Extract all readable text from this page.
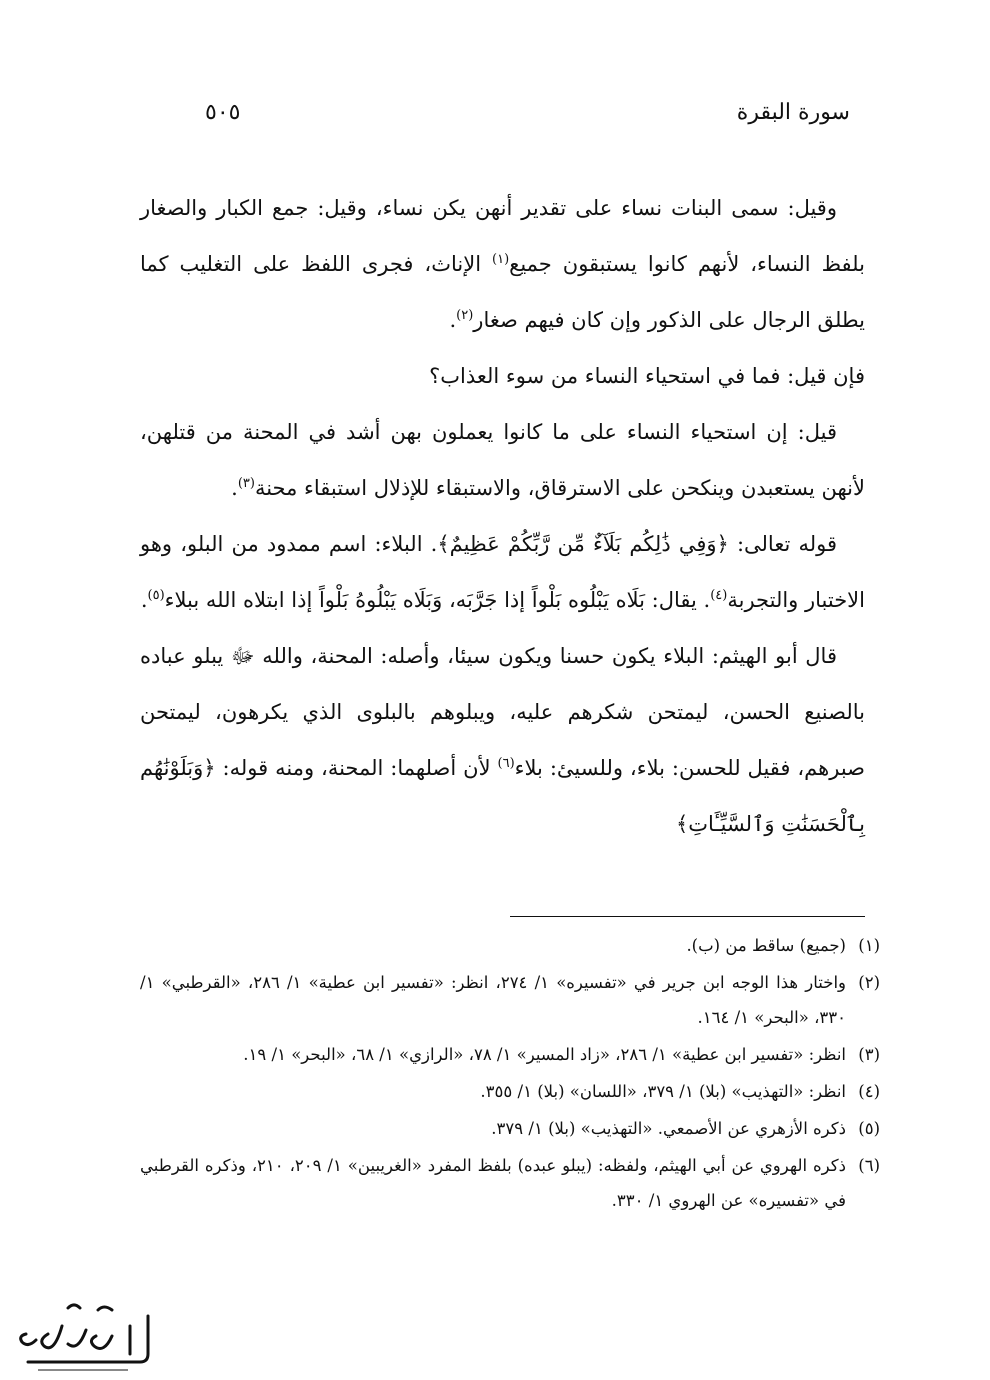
سورة البقرة
٥٠٥

وقيل: سمى البنات نساء على تقدير أنهن يكن نساء، وقيل: جمع الكبار والصغار بلفظ النساء، لأنهم كانوا يستبقون جميع$^{(١)}$ الإناث، فجرى اللفظ على التغليب كما يطلق الرجال على الذكور وإن كان فيهم صغار$^{(٢)}$.

فإن قيل: فما في استحياء النساء من سوء العذاب؟

قيل: إن استحياء النساء على ما كانوا يعملون بهن أشد في المحنة من قتلهن، لأنهن يستعبدن وينكحن على الاسترقاق، والاستبقاء للإذلال استبقاء محنة$^{(٣)}$.

قوله تعالى: ﴿وَفِي ذَٰلِكُم بَلَآءٌ مِّن رَّبِّكُمْ عَظِيمٌ﴾. البلاء: اسم ممدود من البلو، وهو الاختبار والتجربة$^{(٤)}$. يقال: بَلَاه يَبْلُوه بَلْواً إذا جَرَّبَه، وَبَلَاه يَبْلُوهُ بَلْواً إذا ابتلاه الله ببلاء$^{(٥)}$.

قال أبو الهيثم: البلاء يكون حسنا ويكون سيئا، وأصله: المحنة، والله ﷻ يبلو عباده بالصنيع الحسن، ليمتحن شكرهم عليه، ويبلوهم بالبلوى الذي يكرهون، ليمتحن صبرهم، فقيل للحسن: بلاء، وللسيئ: بلاء$^{(٦)}$ لأن أصلهما: المحنة، ومنه قوله: ﴿وَبَلَوْنَٰهُم بِٱلْحَسَنَٰتِ وَٱلسَّيِّـَٔاتِ﴾

(١)
(جميع) ساقط من (ب).
(٢)
واختار هذا الوجه ابن جرير في «تفسيره» ١/ ٢٧٤، انظر: «تفسير ابن عطية» ١/ ٢٨٦، «القرطبي» ١/ ٣٣٠، «البحر» ١/ ١٦٤.
(٣)
انظر: «تفسير ابن عطية» ١/ ٢٨٦، «زاد المسير» ١/ ٧٨، «الرازي» ١/ ٦٨، «البحر» ١/ ١٩.
(٤)
انظر: «التهذيب» (بلا) ١/ ٣٧٩، «اللسان» (بلا) ١/ ٣٥٥.
(٥)
ذكره الأزهري عن الأصمعي. «التهذيب» (بلا) ١/ ٣٧٩.
(٦)
ذكره الهروي عن أبي الهيثم، ولفظه: (يبلو عبده) بلفظ المفرد «الغريبين» ١/ ٢٠٩، ٢١٠، وذكره القرطبي في «تفسيره» عن الهروي ١/ ٣٣٠.
